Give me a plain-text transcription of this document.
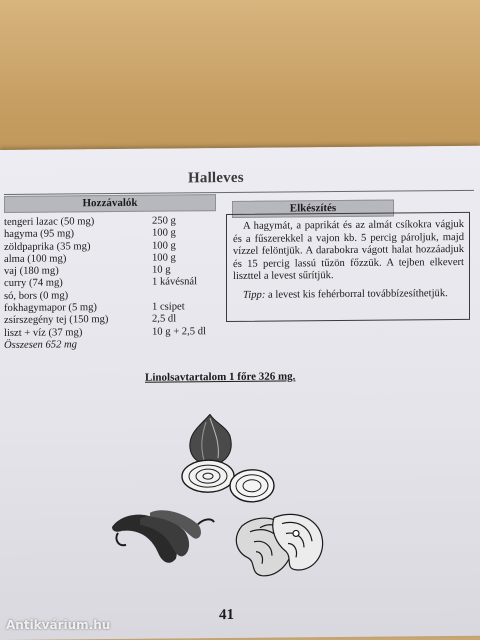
Halleves
Hozzávalók
tengeri lazac (50 mg)	250 g
hagyma (95 mg)	100 g
zöldpaprika (35 mg)	100 g
alma (100 mg)	100 g
vaj (180 mg)	10 g
curry (74 mg)	1 kávésnál
só, bors (0 mg)
fokhagymapor (5 mg)	1 csipet
zsírszegény tej (150 mg)	2,5 dl
liszt + víz (37 mg)	10 g + 2,5 dl
Összesen 652 mg
Elkészítés

A hagymát, a paprikát és az almát csíkokra vágjuk és a fűszerekkel a vajon kb. 5 percig pároljuk, majd vízzel felöntjük. A darabokra vágott halat hozzáadjuk és 15 percig lassú tűzön főzzük. A tejben elkevert liszttel a levest sűrítjük.

Tipp: a levest kis fehérborral továbbízesíthetjük.

Linolsavtartalom 1 főre 326 mg.
41
Antikvárium.hu
